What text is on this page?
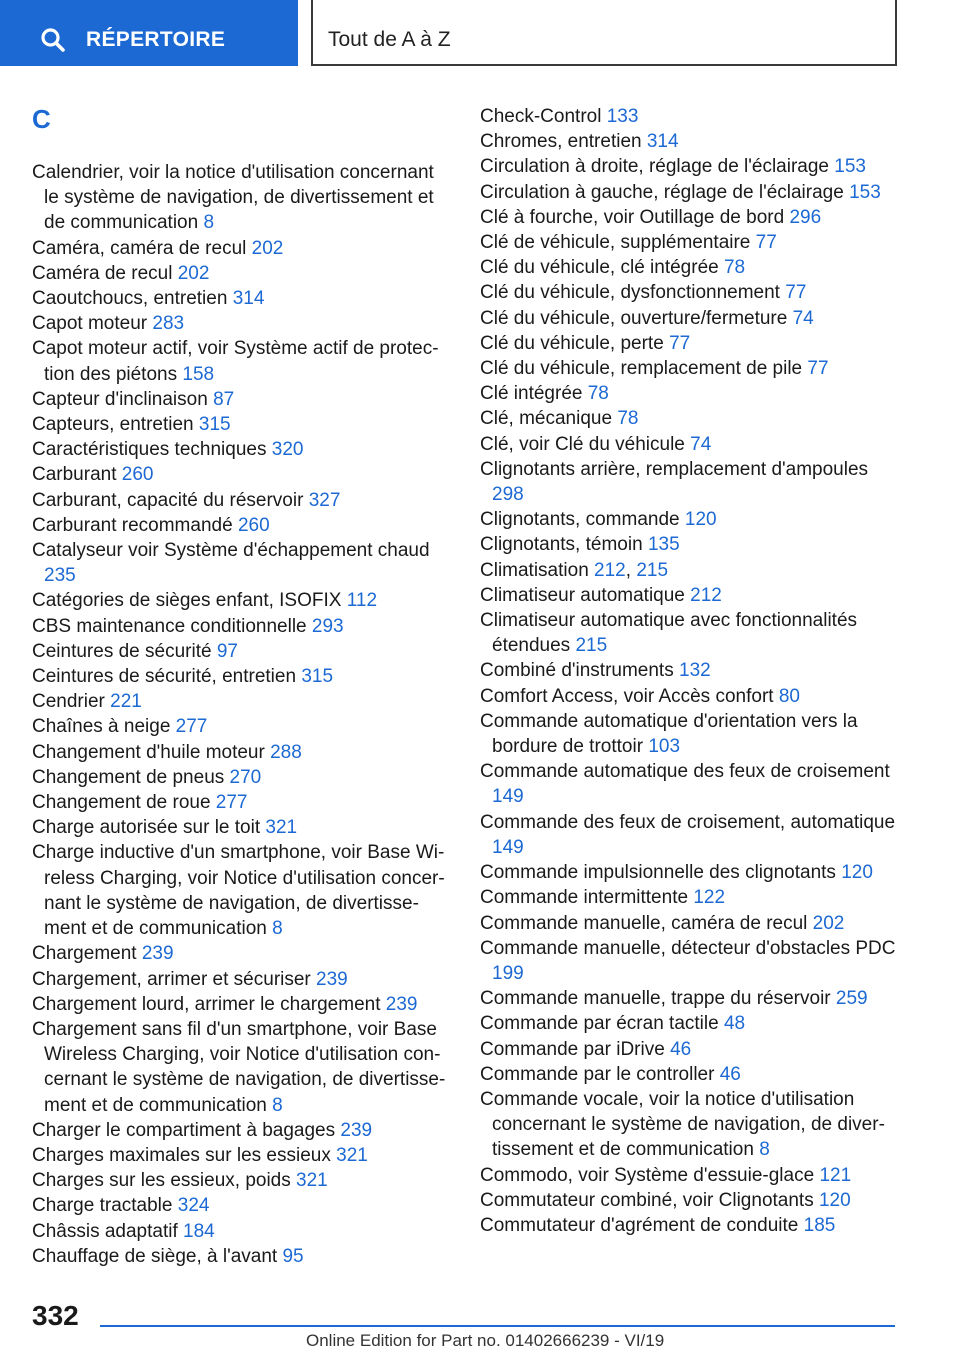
RÉPERTOIRE	Tout de A à Z
C
Calendrier, voir la notice d'utilisation concernant le système de navigation, de divertissement et de communication 8
Caméra, caméra de recul 202
Caméra de recul 202
Caoutchoucs, entretien 314
Capot moteur 283
Capot moteur actif, voir Système actif de protection des piétons 158
Capteur d'inclinaison 87
Capteurs, entretien 315
Caractéristiques techniques 320
Carburant 260
Carburant, capacité du réservoir 327
Carburant recommandé 260
Catalyseur voir Système d'échappement chaud 235
Catégories de sièges enfant, ISOFIX 112
CBS maintenance conditionnelle 293
Ceintures de sécurité 97
Ceintures de sécurité, entretien 315
Cendrier 221
Chaînes à neige 277
Changement d'huile moteur 288
Changement de pneus 270
Changement de roue 277
Charge autorisée sur le toit 321
Charge inductive d'un smartphone, voir Base Wireless Charging, voir Notice d'utilisation concernant le système de navigation, de divertissement et de communication 8
Chargement 239
Chargement, arrimer et sécuriser 239
Chargement lourd, arrimer le chargement 239
Chargement sans fil d'un smartphone, voir Base Wireless Charging, voir Notice d'utilisation concernant le système de navigation, de divertissement et de communication 8
Charger le compartiment à bagages 239
Charges maximales sur les essieux 321
Charges sur les essieux, poids 321
Charge tractable 324
Châssis adaptatif 184
Chauffage de siège, à l'avant 95
Check-Control 133
Chromes, entretien 314
Circulation à droite, réglage de l'éclairage 153
Circulation à gauche, réglage de l'éclairage 153
Clé à fourche, voir Outillage de bord 296
Clé de véhicule, supplémentaire 77
Clé du véhicule, clé intégrée 78
Clé du véhicule, dysfonctionnement 77
Clé du véhicule, ouverture/fermeture 74
Clé du véhicule, perte 77
Clé du véhicule, remplacement de pile 77
Clé intégrée 78
Clé, mécanique 78
Clé, voir Clé du véhicule 74
Clignotants arrière, remplacement d'ampoules 298
Clignotants, commande 120
Clignotants, témoin 135
Climatisation 212, 215
Climatiseur automatique 212
Climatiseur automatique avec fonctionnalités étendues 215
Combiné d'instruments 132
Comfort Access, voir Accès confort 80
Commande automatique d'orientation vers la bordure de trottoir 103
Commande automatique des feux de croisement 149
Commande des feux de croisement, automatique 149
Commande impulsionnelle des clignotants 120
Commande intermittente 122
Commande manuelle, caméra de recul 202
Commande manuelle, détecteur d'obstacles PDC 199
Commande manuelle, trappe du réservoir 259
Commande par écran tactile 48
Commande par iDrive 46
Commande par le controller 46
Commande vocale, voir la notice d'utilisation concernant le système de navigation, de divertissement et de communication 8
Commodo, voir Système d'essuie-glace 121
Commutateur combiné, voir Clignotants 120
Commutateur d'agrément de conduite 185
332
Online Edition for Part no. 01402666239 - VI/19
